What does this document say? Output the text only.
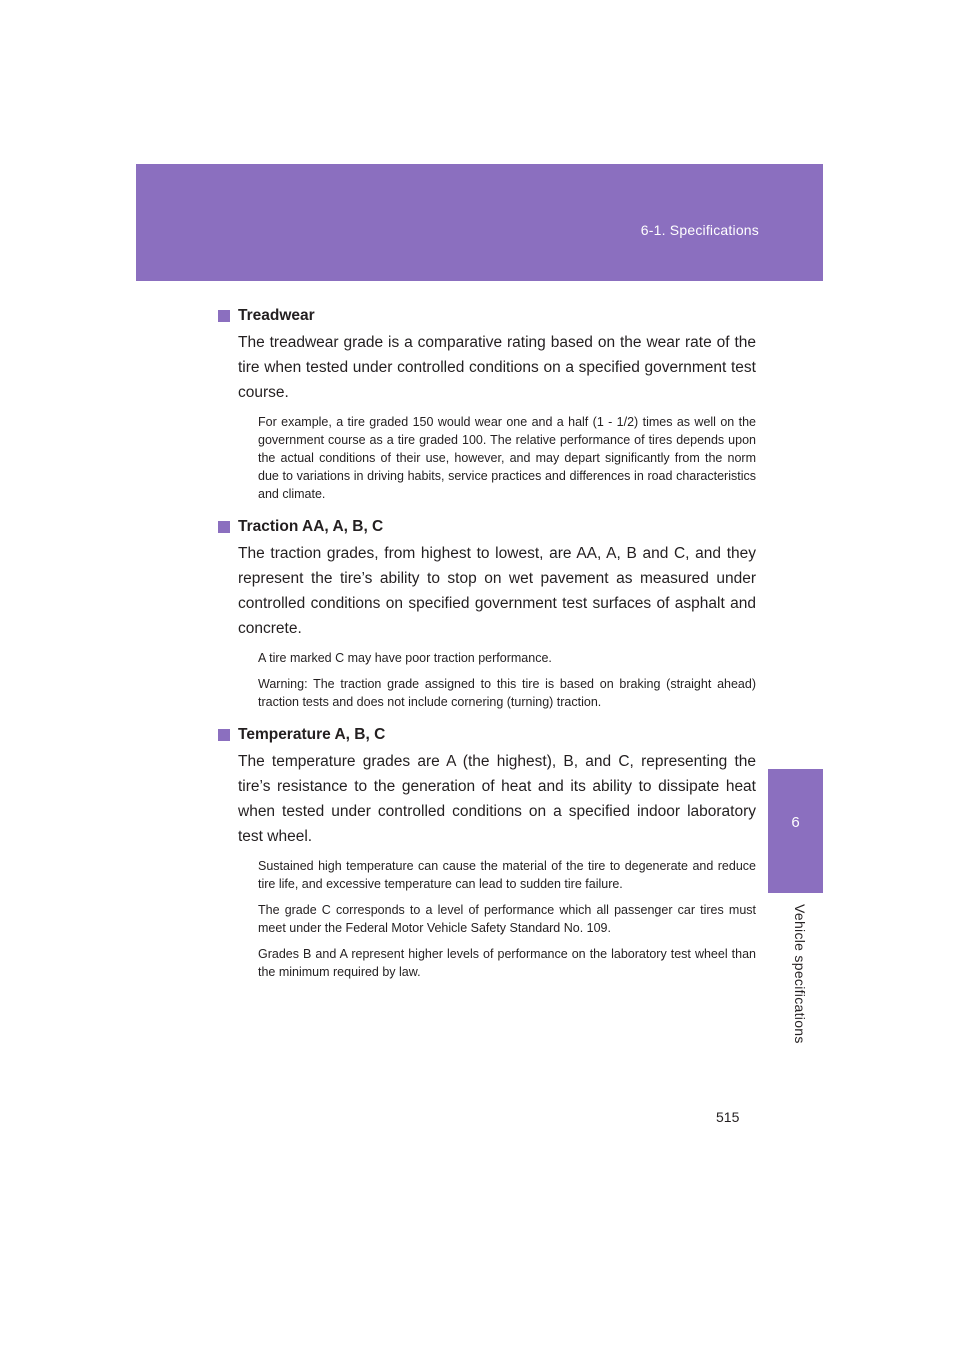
6-1. Specifications
6
Vehicle specifications

Treadwear

The treadwear grade is a comparative rating based on the wear rate of the tire when tested under controlled conditions on a specified government test course.

For example, a tire graded 150 would wear one and a half (1 - 1/2) times as well on the government course as a tire graded 100. The relative performance of tires depends upon the actual conditions of their use, however, and may depart significantly from the norm due to variations in driving habits, service practices and differences in road characteristics and climate.

Traction AA, A, B, C

The traction grades, from highest to lowest, are AA, A, B and C, and they represent the tire’s ability to stop on wet pavement as measured under controlled conditions on specified government test surfaces of asphalt and concrete.

A tire marked C may have poor traction performance.

Warning: The traction grade assigned to this tire is based on braking (straight ahead) traction tests and does not include cornering (turning) traction.

Temperature A, B, C

The temperature grades are A (the highest), B, and C, representing the tire’s resistance to the generation of heat and its ability to dissipate heat when tested under controlled conditions on a specified indoor laboratory test wheel.

Sustained high temperature can cause the material of the tire to degenerate and reduce tire life, and excessive temperature can lead to sudden tire failure.

The grade C corresponds to a level of performance which all passenger car tires must meet under the Federal Motor Vehicle Safety Standard No. 109.

Grades B and A represent higher levels of performance on the laboratory test wheel than the minimum required by law.

515
